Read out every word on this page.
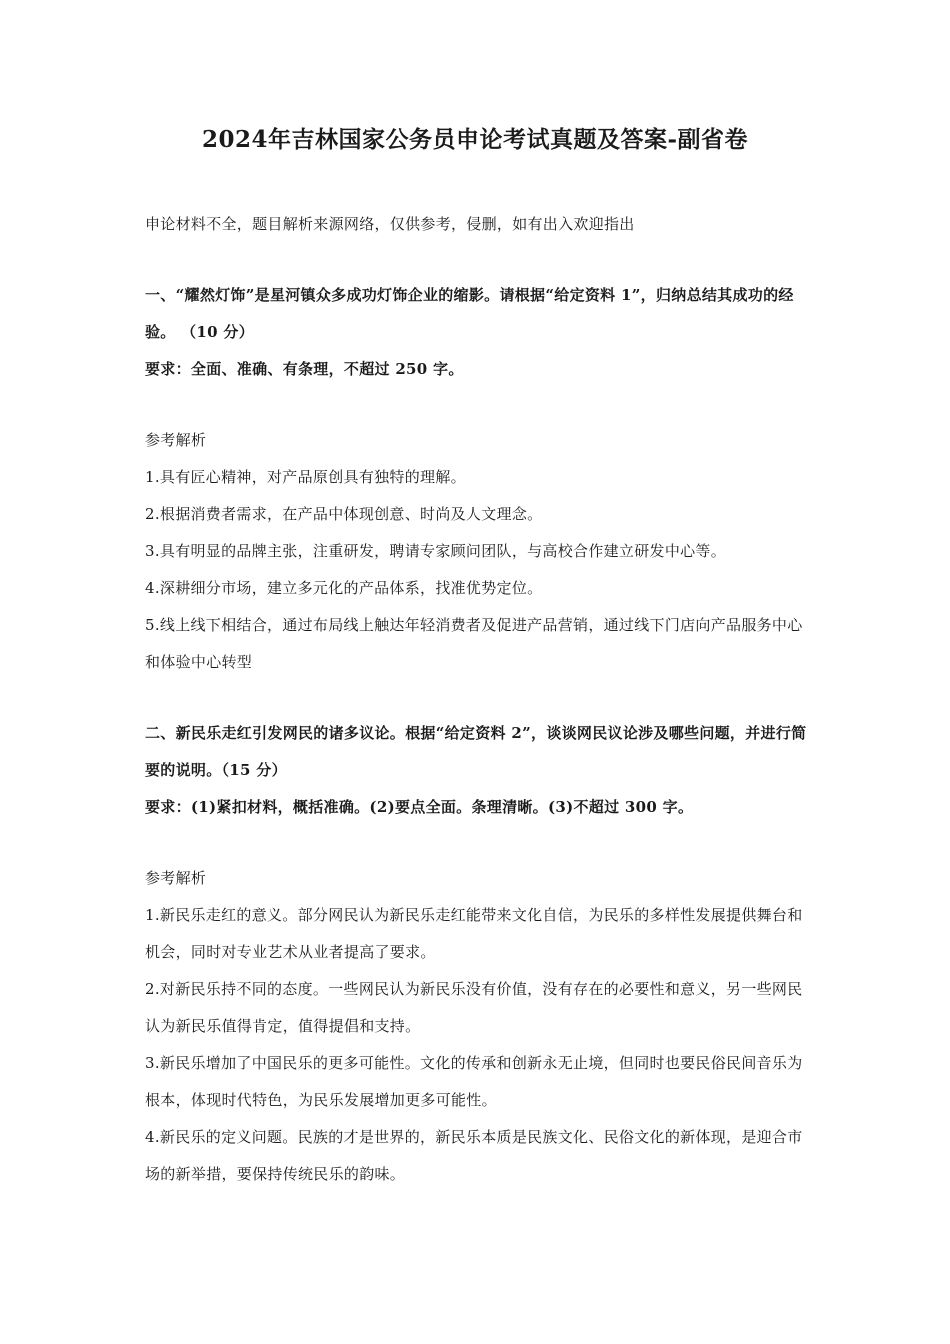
2024年吉林国家公务员申论考试真题及答案-副省卷

申论材料不全，题目解析来源网络，仅供参考，侵删，如有出入欢迎指出

一、“耀然灯饰”是星河镇众多成功灯饰企业的缩影。请根据“给定资料 1”，归纳总结其成功的经验。 （10 分）

要求：全面、准确、有条理，不超过 250 字。

参考解析

1.具有匠心精神，对产品原创具有独特的理解。

2.根据消费者需求，在产品中体现创意、时尚及人文理念。

3.具有明显的品牌主张，注重研发，聘请专家顾问团队，与高校合作建立研发中心等。

4.深耕细分市场，建立多元化的产品体系，找准优势定位。

5.线上线下相结合，通过布局线上触达年轻消费者及促进产品营销，通过线下门店向产品服务中心和体验中心转型

二、新民乐走红引发网民的诸多议论。根据“给定资料 2”，谈谈网民议论涉及哪些问题，并进行简要的说明。（15 分）

要求：(1)紧扣材料，概括准确。(2)要点全面。条理清晰。(3)不超过 300 字。

参考解析

1.新民乐走红的意义。部分网民认为新民乐走红能带来文化自信，为民乐的多样性发展提供舞台和机会，同时对专业艺术从业者提高了要求。

2.对新民乐持不同的态度。一些网民认为新民乐没有价值，没有存在的必要性和意义，另一些网民认为新民乐值得肯定，值得提倡和支持。

3.新民乐增加了中国民乐的更多可能性。文化的传承和创新永无止境，但同时也要民俗民间音乐为根本，体现时代特色，为民乐发展增加更多可能性。

4.新民乐的定义问题。民族的才是世界的，新民乐本质是民族文化、民俗文化的新体现，是迎合市场的新举措，要保持传统民乐的韵味。
